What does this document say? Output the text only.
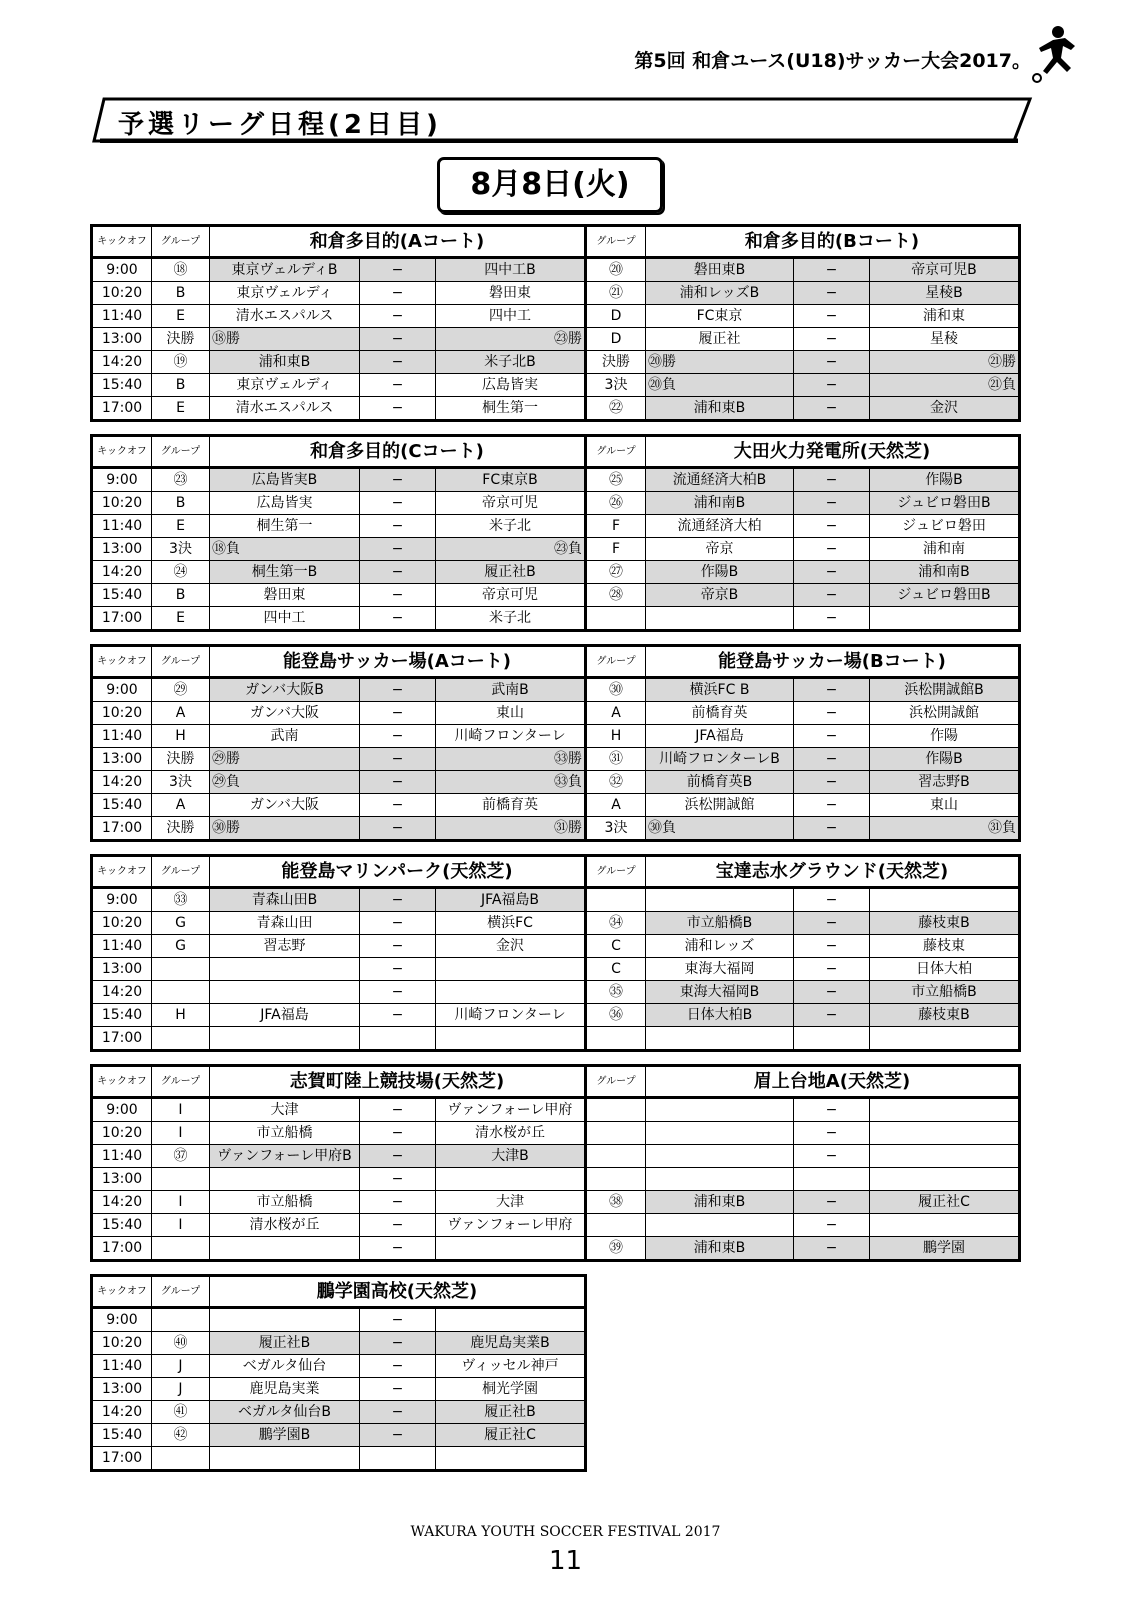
第5回 和倉ユース(U18)サッカー大会2017。
予選リーグ日程(2日目)
8月8日(火)
キックオフ	グループ	和倉多目的(Aコート)			グループ	和倉多目的(Bコート)		
9:00	⑱	東京ヴェルディB	−	四中工B	⑳	磐田東B	−	帝京可児B
10:20	B	東京ヴェルディ	−	磐田東	㉑	浦和レッズB	−	星稜B
11:40	E	清水エスパルス	−	四中工	D	FC東京	−	浦和東
13:00	決勝	⑱勝	−	㉓勝	D	履正社	−	星稜
14:20	⑲	浦和東B	−	米子北B	決勝	⑳勝	−	㉑勝
15:40	B	東京ヴェルディ	−	広島皆実	3決	⑳負	−	㉑負
17:00	E	清水エスパルス	−	桐生第一	㉒	浦和東B	−	金沢
キックオフ	グループ	和倉多目的(Cコート)			グループ	大田火力発電所(天然芝)		
9:00	㉓	広島皆実B	−	FC東京B	㉕	流通経済大柏B	−	作陽B
10:20	B	広島皆実	−	帝京可児	㉖	浦和南B	−	ジュビロ磐田B
11:40	E	桐生第一	−	米子北	F	流通経済大柏	−	ジュビロ磐田
13:00	3決	⑱負	−	㉓負	F	帝京	−	浦和南
14:20	㉔	桐生第一B	−	履正社B	㉗	作陽B	−	浦和南B
15:40	B	磐田東	−	帝京可児	㉘	帝京B	−	ジュビロ磐田B
17:00	E	四中工	−	米子北			−	
キックオフ	グループ	能登島サッカー場(Aコート)			グループ	能登島サッカー場(Bコート)		
9:00	㉙	ガンバ大阪B	−	武南B	㉚	横浜FC B	−	浜松開誠館B
10:20	A	ガンバ大阪	−	東山	A	前橋育英	−	浜松開誠館
11:40	H	武南	−	川崎フロンターレ	H	JFA福島	−	作陽
13:00	決勝	㉙勝	−	㉝勝	㉛	川崎フロンターレB	−	作陽B
14:20	3決	㉙負	−	㉝負	㉜	前橋育英B	−	習志野B
15:40	A	ガンバ大阪	−	前橋育英	A	浜松開誠館	−	東山
17:00	決勝	㉚勝	−	㉛勝	3決	㉚負	−	㉛負
キックオフ	グループ	能登島マリンパーク(天然芝)			グループ	宝達志水グラウンド(天然芝)		
9:00	㉝	青森山田B	−	JFA福島B			−	
10:20	G	青森山田	−	横浜FC	㉞	市立船橋B	−	藤枝東B
11:40	G	習志野	−	金沢	C	浦和レッズ	−	藤枝東
13:00			−		C	東海大福岡	−	日体大柏
14:20			−		㉟	東海大福岡B	−	市立船橋B
15:40	H	JFA福島	−	川崎フロンターレ	㊱	日体大柏B	−	藤枝東B
17:00								
キックオフ	グループ	志賀町陸上競技場(天然芝)			グループ	眉上台地A(天然芝)		
9:00	I	大津	−	ヴァンフォーレ甲府			−	
10:20	I	市立船橋	−	清水桜が丘			−	
11:40	㊲	ヴァンフォーレ甲府B	−	大津B			−	
13:00			−					
14:20	I	市立船橋	−	大津	㊳	浦和東B	−	履正社C
15:40	I	清水桜が丘	−	ヴァンフォーレ甲府			−	
17:00			−		㊴	浦和東B	−	鵬学園
キックオフ	グループ	鵬学園高校(天然芝)		
9:00			−	
10:20	㊵	履正社B	−	鹿児島実業B
11:40	J	ベガルタ仙台	−	ヴィッセル神戸
13:00	J	鹿児島実業	−	桐光学園
14:20	㊶	ベガルタ仙台B	−	履正社B
15:40	㊷	鵬学園B	−	履正社C
17:00				
WAKURA YOUTH SOCCER FESTIVAL 2017
11
